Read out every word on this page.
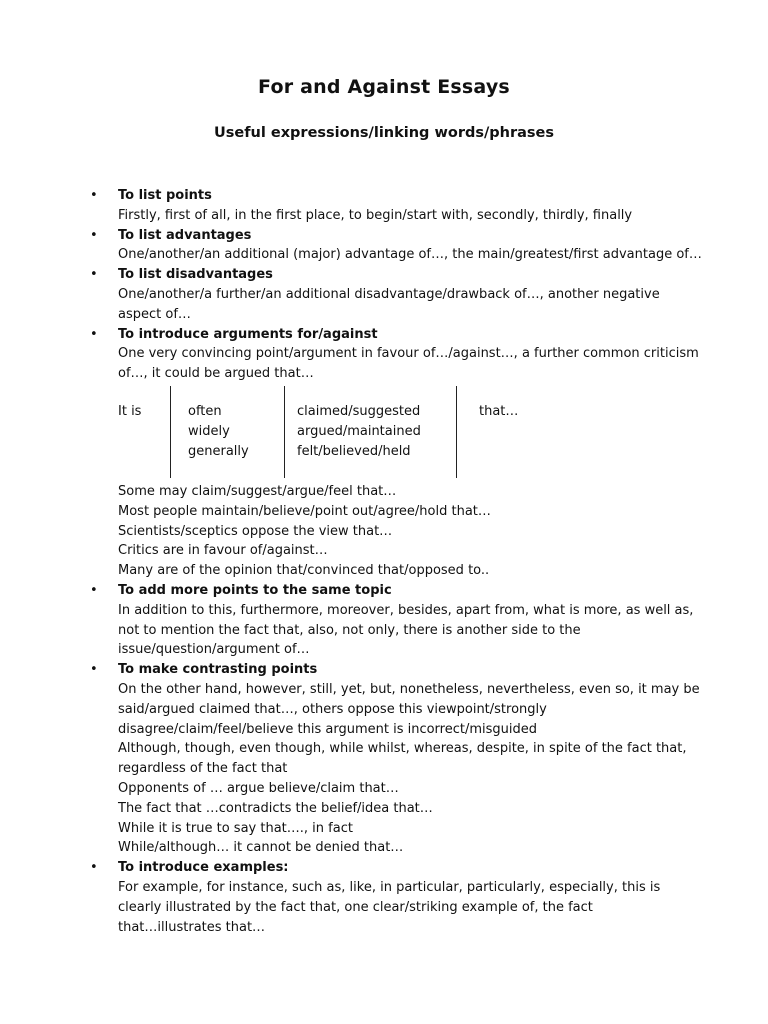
For and Against Essays
Useful expressions/linking words/phrases
• To list points
Firstly, first of all, in the first place, to begin/start with, secondly, thirdly, finally
• To list advantages
One/another/an additional (major) advantage of…, the main/greatest/first advantage of…
• To list disadvantages
One/another/a further/an additional disadvantage/drawback of…, another negative
aspect of…
• To introduce arguments for/against
One very convincing point/argument in favour of…/against…, a further common criticism
of…, it could be argued that…
It is	often
widely
generally
claimed/suggested
argued/maintained
felt/believed/held
that…
Some may claim/suggest/argue/feel that…
Most people maintain/believe/point out/agree/hold that…
Scientists/sceptics oppose the view that…
Critics are in favour of/against…
Many are of the opinion that/convinced that/opposed to..
• To add more points to the same topic
In addition to this, furthermore, moreover, besides, apart from, what is more, as well as,
not to mention the fact that, also, not only, there is another side to the
issue/question/argument of…
• To make contrasting points
On the other hand, however, still, yet, but, nonetheless, nevertheless, even so, it may be
said/argued claimed that…, others oppose this viewpoint/strongly
disagree/claim/feel/believe this argument is incorrect/misguided
Although, though, even though, while whilst, whereas, despite, in spite of the fact that,
regardless of the fact that
Opponents of … argue believe/claim that…
The fact that …contradicts the belief/idea that…
While it is true to say that…., in fact
While/although… it cannot be denied that…
• To introduce examples:
For example, for instance, such as, like, in particular, particularly, especially, this is
clearly illustrated by the fact that, one clear/striking example of, the fact
that…illustrates that…
